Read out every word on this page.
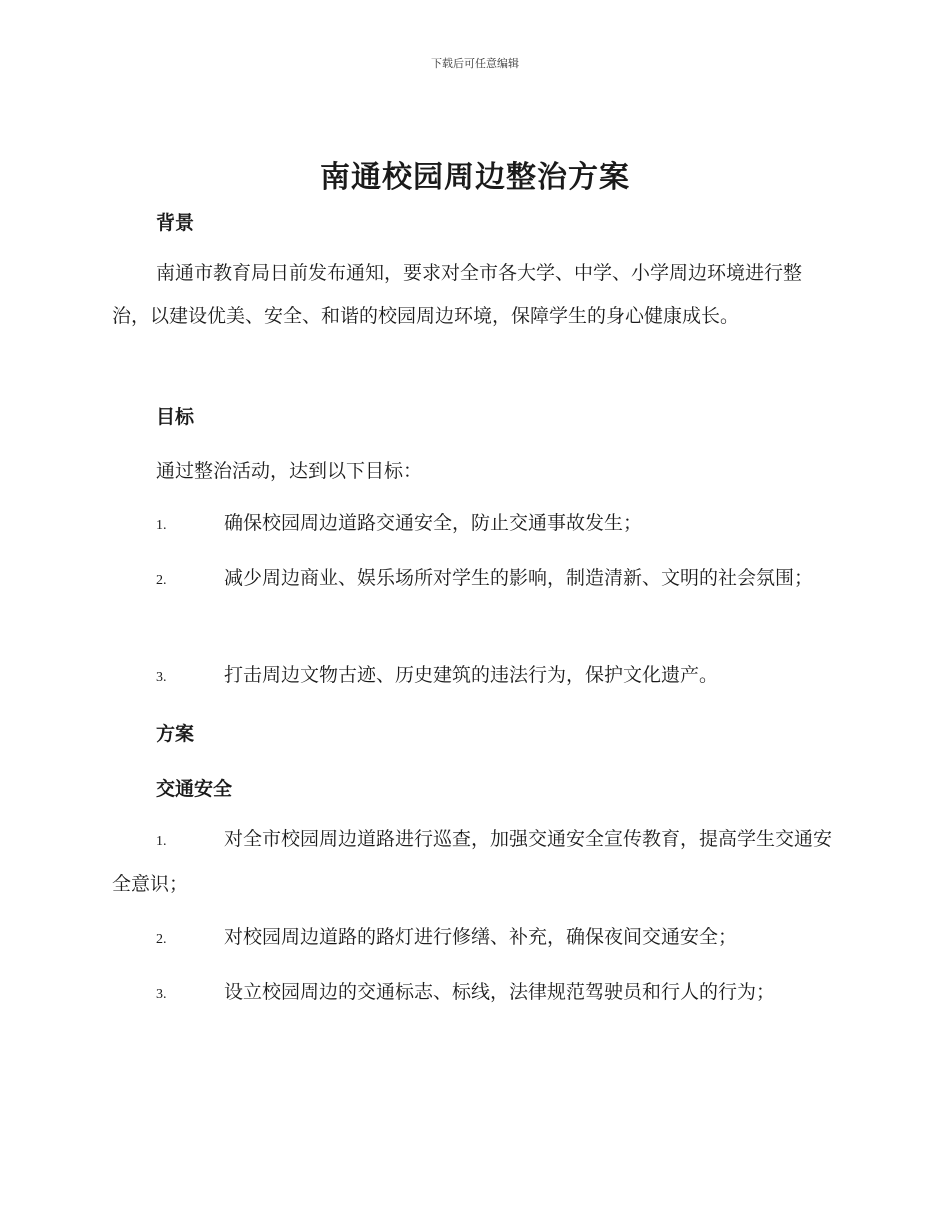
下载后可任意编辑
南通校园周边整治方案
背景

南通市教育局日前发布通知，要求对全市各大学、中学、小学周边环境进行整治，以建设优美、安全、和谐的校园周边环境，保障学生的身心健康成长。

目标

通过整治活动，达到以下目标：

1.	确保校园周边道路交通安全，防止交通事故发生；

2.	减少周边商业、娱乐场所对学生的影响，制造清新、文明的社会氛围；

3.	打击周边文物古迹、历史建筑的违法行为，保护文化遗产。

方案
交通安全

1.	对全市校园周边道路进行巡查，加强交通安全宣传教育，提高学生交通安全意识；

2.	对校园周边道路的路灯进行修缮、补充，确保夜间交通安全；

3.	设立校园周边的交通标志、标线，法律规范驾驶员和行人的行为；
